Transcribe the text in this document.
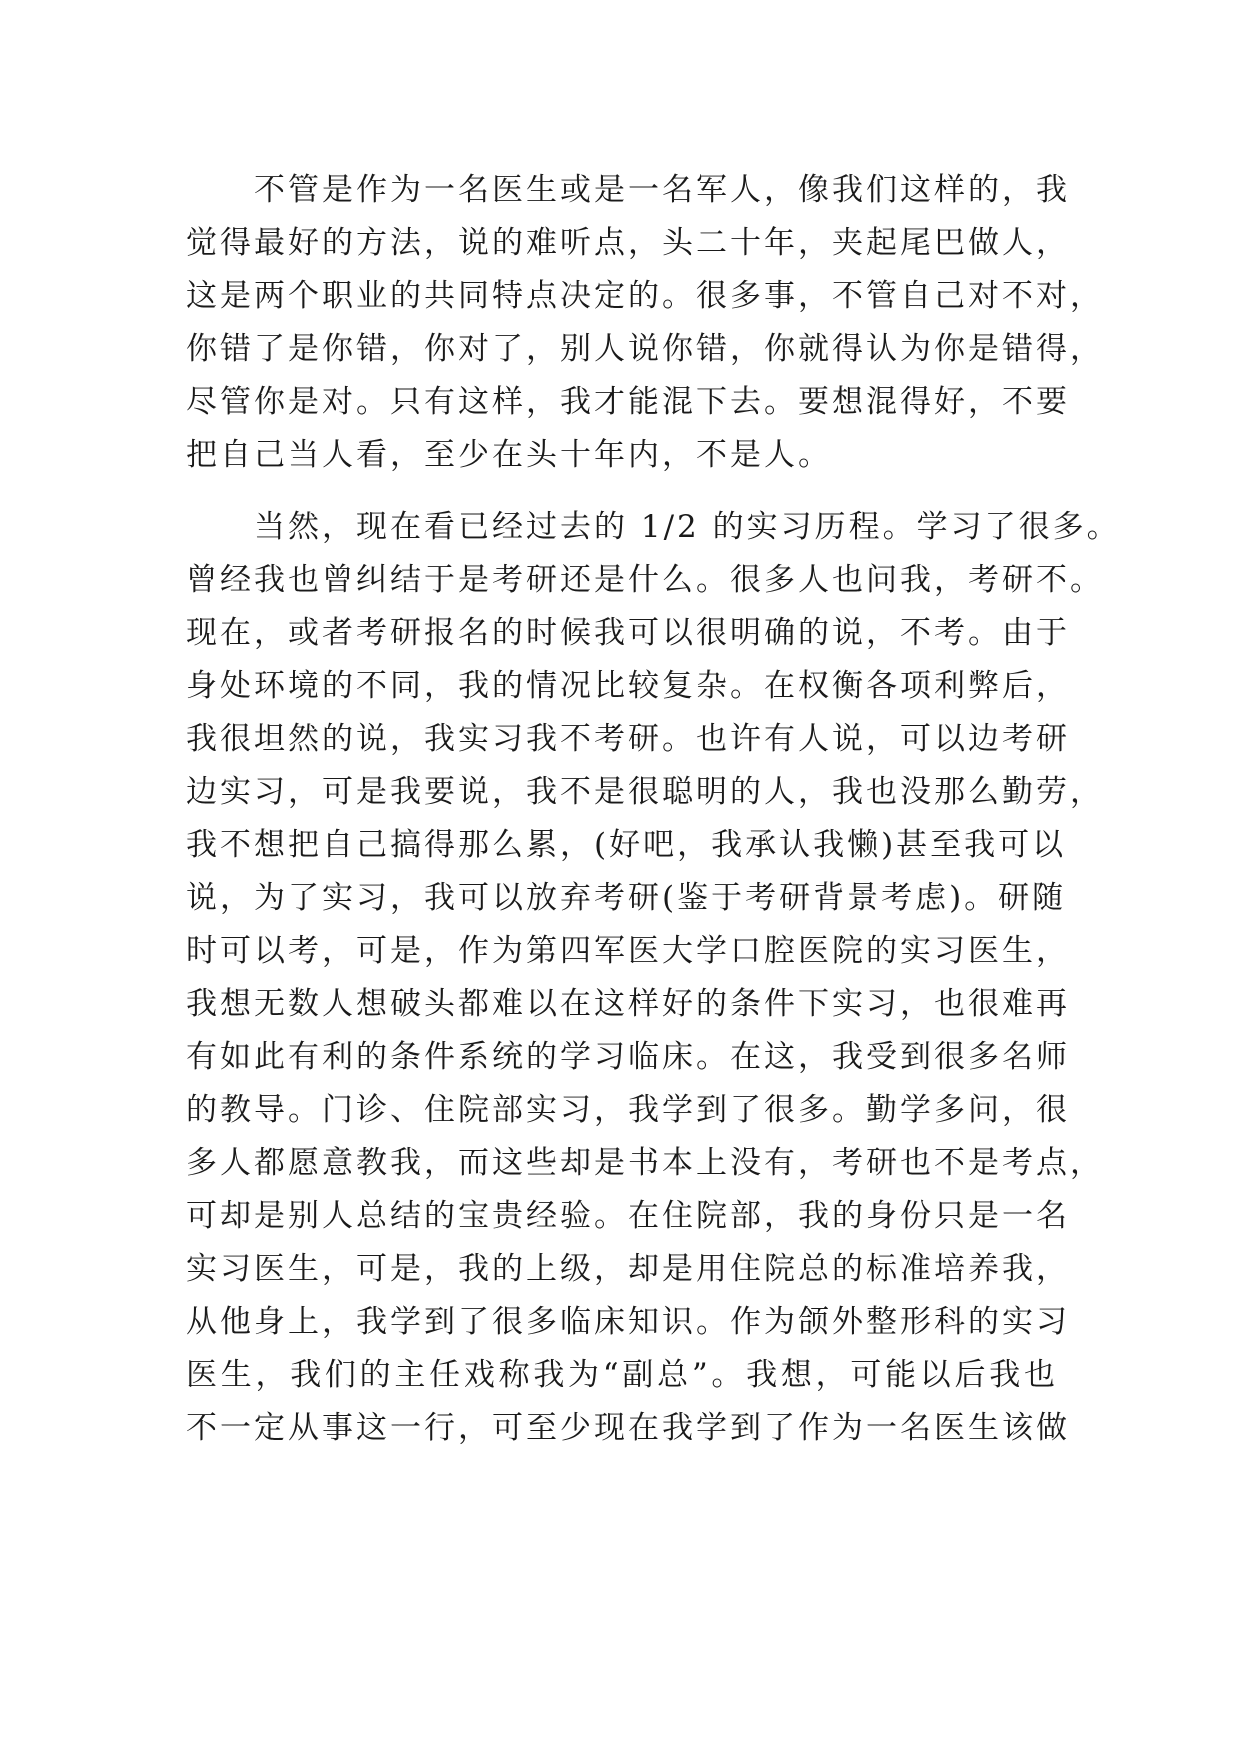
　　不管是作为一名医生或是一名军人，像我们这样的，我
觉得最好的方法，说的难听点，头二十年，夹起尾巴做人，
这是两个职业的共同特点决定的。很多事，不管自己对不对，
你错了是你错，你对了，别人说你错，你就得认为你是错得，
尽管你是对。只有这样，我才能混下去。要想混得好，不要
把自己当人看，至少在头十年内，不是人。
　　当然，现在看已经过去的 1/2 的实习历程。学习了很多。
曾经我也曾纠结于是考研还是什么。很多人也问我，考研不。
现在，或者考研报名的时候我可以很明确的说，不考。由于
身处环境的不同，我的情况比较复杂。在权衡各项利弊后，
我很坦然的说，我实习我不考研。也许有人说，可以边考研
边实习，可是我要说，我不是很聪明的人，我也没那么勤劳，
我不想把自己搞得那么累，(好吧，我承认我懒)甚至我可以
说，为了实习，我可以放弃考研(鉴于考研背景考虑)。研随
时可以考，可是，作为第四军医大学口腔医院的实习医生，
我想无数人想破头都难以在这样好的条件下实习，也很难再
有如此有利的条件系统的学习临床。在这，我受到很多名师
的教导。门诊、住院部实习，我学到了很多。勤学多问，很
多人都愿意教我，而这些却是书本上没有，考研也不是考点，
可却是别人总结的宝贵经验。在住院部，我的身份只是一名
实习医生，可是，我的上级，却是用住院总的标准培养我，
从他身上，我学到了很多临床知识。作为颌外整形科的实习
医生，我们的主任戏称我为“副总”。我想，可能以后我也
不一定从事这一行，可至少现在我学到了作为一名医生该做
